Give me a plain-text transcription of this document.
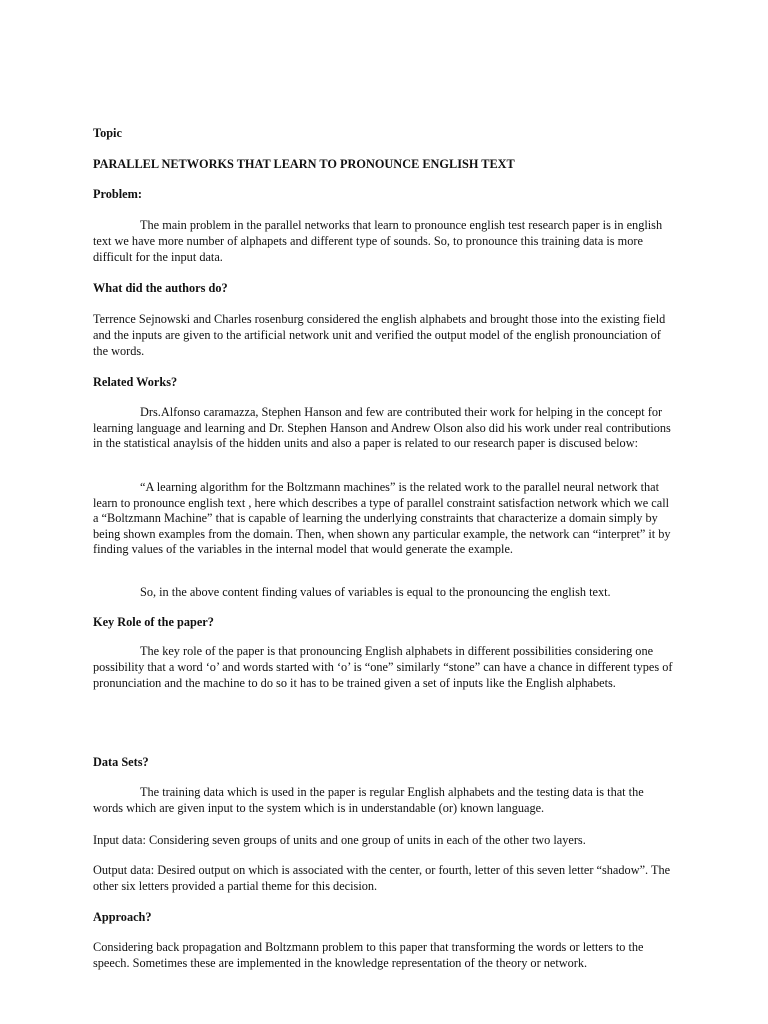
Topic

PARALLEL NETWORKS THAT LEARN TO PRONOUNCE ENGLISH TEXT

Problem:

The main problem in the parallel networks that learn to pronounce english test research paper is in english text we have more number of alphapets and different type of sounds. So, to pronounce this training data is more difficult for the input data.

What did the authors do?

Terrence Sejnowski and Charles rosenburg considered the english alphabets and brought those into the existing field and the inputs are given to the artificial network unit and verified the output model of the english pronounciation of the words.

Related Works?

Drs.Alfonso caramazza, Stephen Hanson and few are contributed their work for helping in the concept for learning language and learning and Dr. Stephen Hanson and Andrew Olson also did his work under real contributions in the statistical anaylsis of the hidden units and also a paper is related to our research paper is discused below:

“A learning algorithm for the Boltzmann machines” is the related work to the parallel neural network that learn to pronounce english text , here which describes a type of parallel constraint satisfaction network which we call a “Boltzmann Machine” that is capable of learning the underlying constraints that characterize a domain simply by being shown examples from the domain. Then, when shown any particular example, the network can “interpret” it by finding values of the variables in the internal model that would generate the example.

So, in the above content finding values of variables is equal to the pronouncing the english text.

Key Role of the paper?

The key role of the paper is that pronouncing English alphabets in different possibilities considering one possibility that a word ‘o’ and words started with ‘o’ is “one” similarly “stone” can have a chance in different types of pronunciation and the machine to do so it has to be trained given a set of inputs like the English alphabets.

Data Sets?

The training data which is used in the paper is regular English alphabets and the testing data is that the words which are given input to the system which is in understandable (or) known language.

Input data: Considering seven groups of units and one group of units in each of the other two layers.

Output data: Desired output on which is associated with the center, or fourth, letter of this seven letter “shadow”. The other six letters provided a partial theme for this decision.

Approach?

Considering back propagation and Boltzmann problem to this paper that transforming the words or letters to the speech. Sometimes these are implemented in the knowledge representation of the theory or network.
